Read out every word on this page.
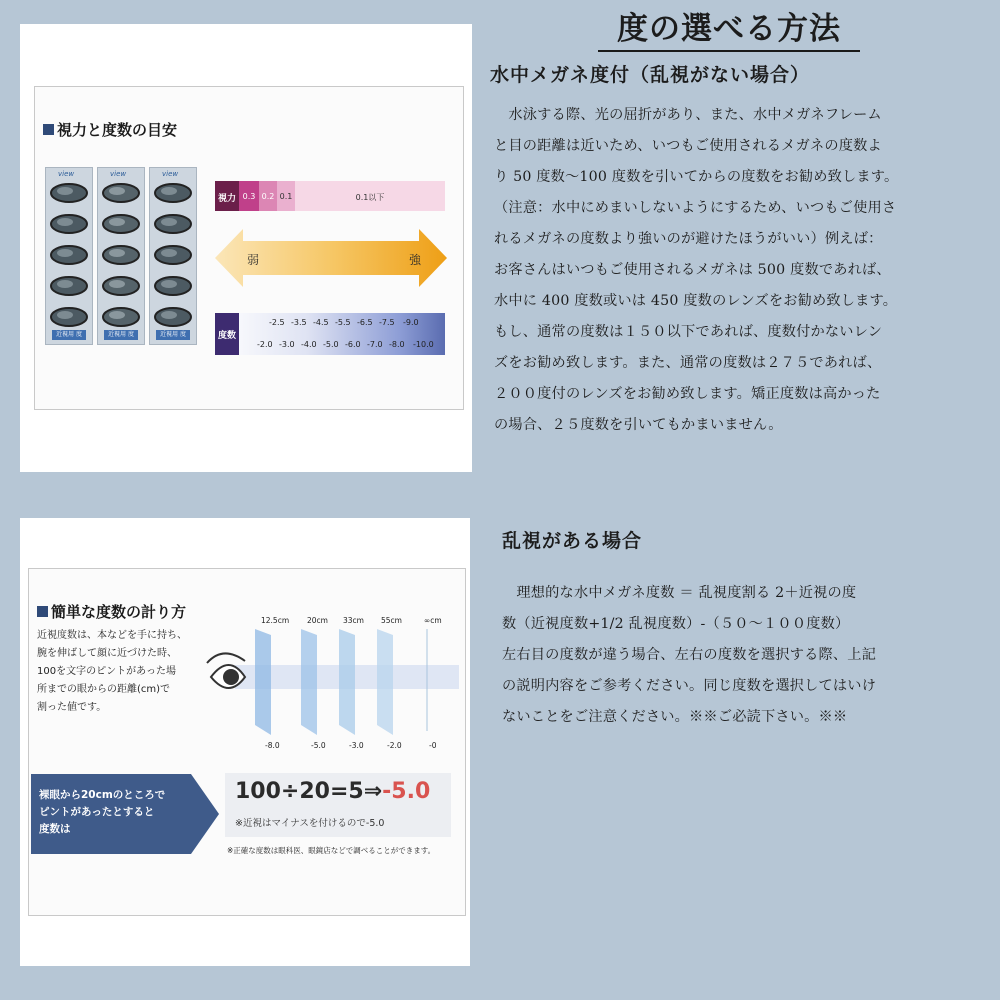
視力と度数の目安
view
近視用 度
view
近視用 度
view
近視用 度
視力 0.3 0.2 0.1	0.1以下
弱	強
度数
-2.5 -3.5 -4.5 -5.5 -6.5 -7.5 -9.0
-2.0 -3.0 -4.0 -5.0 -6.0 -7.0 -8.0 -10.0
簡単な度数の計り方
近視度数は、本などを手に持ち、
腕を伸ばして顔に近づけた時、
100を文字のピントがあった場
所までの眼からの距離(cm)で
割った値です。
12.5cm 20cm 33cm 55cm	∞cm
-8.0	-5.0	-3.0	-2.0	-0
裸眼から20cmのところで
ピントがあったとすると
度数は
100÷20=5⇒-5.0
※近視はマイナスを付けるので-5.0
※正確な度数は眼科医、眼鏡店などで調べることができます。
度の選べる方法
水中メガネ度付（乱視がない場合）

　水泳する際、光の屈折があり、また、水中メガネフレーム

と目の距離は近いため、いつもご使用されるメガネの度数よ

り 50 度数～100 度数を引いてからの度数をお勧め致します。

（注意：水中にめまいしないようにするため、いつもご使用さ

れるメガネの度数より強いのが避けたほうがいい）例えば：

お客さんはいつもご使用されるメガネは 500 度数であれば、

水中に 400 度数或いは 450 度数のレンズをお勧め致します。

もし、通常の度数は１５０以下であれば、度数付かないレン

ズをお勧め致します。また、通常の度数は２７５であれば、

２００度付のレンズをお勧め致します。矯正度数は高かった

の場合、２５度数を引いてもかまいません。

乱視がある場合

　理想的な水中メガネ度数 ＝ 乱視度割る 2＋近視の度

数（近視度数+1/2 乱視度数）-（５０～１００度数）

左右目の度数が違う場合、左右の度数を選択する際、上記

の説明内容をご参考ください。同じ度数を選択してはいけ

ないことをご注意ください。※※ご必読下さい。※※
